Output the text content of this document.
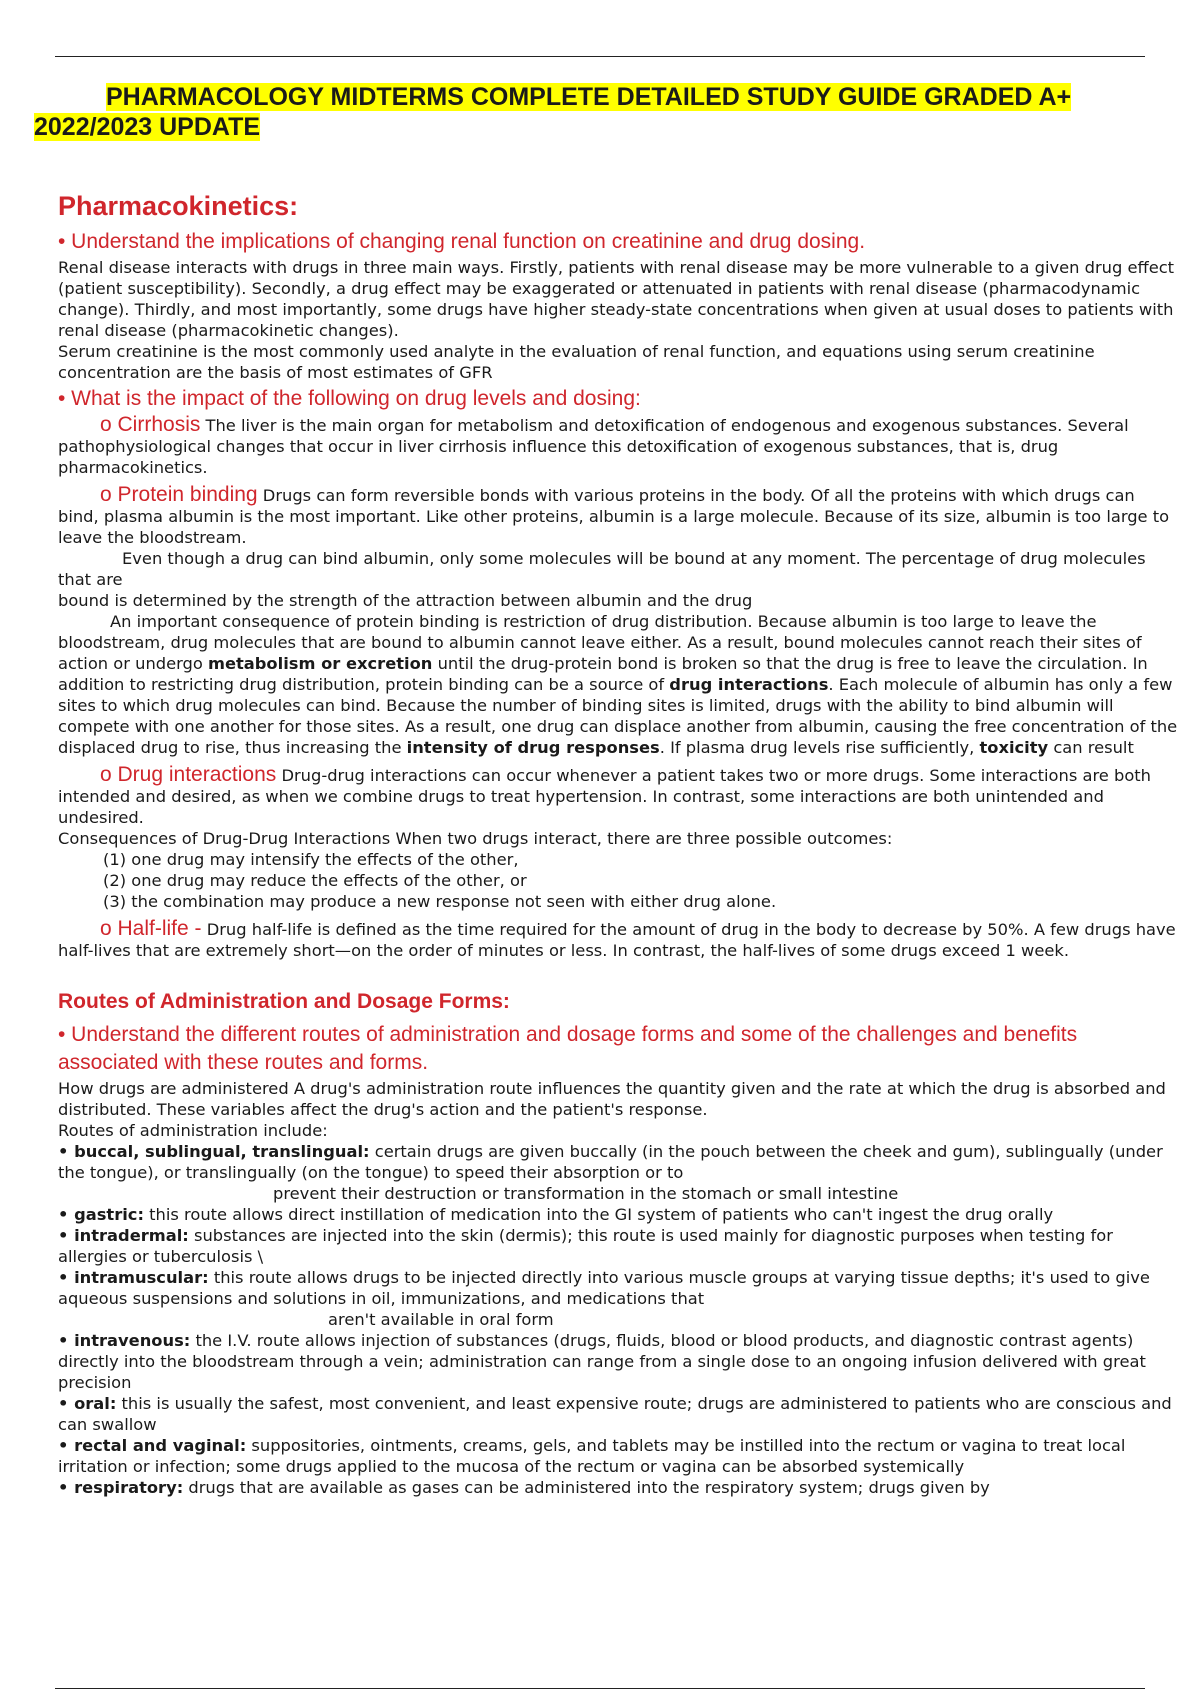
PHARMACOLOGY MIDTERMS COMPLETE DETAILED STUDY GUIDE GRADED A+
2022/2023 UPDATE
Pharmacokinetics:
• Understand the implications of changing renal function on creatinine and drug dosing.

Renal disease interacts with drugs in three main ways. Firstly, patients with renal disease may be more vulnerable to a given drug effect (patient susceptibility). Secondly, a drug effect may be exaggerated or attenuated in patients with renal disease (pharmacodynamic change). Thirdly, and most importantly, some drugs have higher steady-state concentrations when given at usual doses to patients with renal disease (pharmacokinetic changes).

Serum creatinine is the most commonly used analyte in the evaluation of renal function, and equations using serum creatinine concentration are the basis of most estimates of GFR

• What is the impact of the following on drug levels and dosing:

o Cirrhosis The liver is the main organ for metabolism and detoxification of endogenous and exogenous substances. Several pathophysiological changes that occur in liver cirrhosis influence this detoxification of exogenous substances, that is, drug pharmacokinetics.

o Protein binding Drugs can form reversible bonds with various proteins in the body. Of all the proteins with which drugs can bind, plasma albumin is the most important. Like other proteins, albumin is a large molecule. Because of its size, albumin is too large to leave the bloodstream.

Even though a drug can bind albumin, only some molecules will be bound at any moment. The percentage of drug molecules that are

bound is determined by the strength of the attraction between albumin and the drug

An important consequence of protein binding is restriction of drug distribution. Because albumin is too large to leave the bloodstream, drug molecules that are bound to albumin cannot leave either. As a result, bound molecules cannot reach their sites of action or undergo metabolism or excretion until the drug-protein bond is broken so that the drug is free to leave the circulation. In addition to restricting drug distribution, protein binding can be a source of drug interactions. Each molecule of albumin has only a few sites to which drug molecules can bind. Because the number of binding sites is limited, drugs with the ability to bind albumin will compete with one another for those sites. As a result, one drug can displace another from albumin, causing the free concentration of the displaced drug to rise, thus increasing the intensity of drug responses. If plasma drug levels rise sufficiently, toxicity can result

o Drug interactions Drug-drug interactions can occur whenever a patient takes two or more drugs. Some interactions are both intended and desired, as when we combine drugs to treat hypertension. In contrast, some interactions are both unintended and undesired.

Consequences of Drug-Drug Interactions When two drugs interact, there are three possible outcomes:

(1) one drug may intensify the effects of the other,

(2) one drug may reduce the effects of the other, or

(3) the combination may produce a new response not seen with either drug alone.

o Half-life - Drug half-life is defined as the time required for the amount of drug in the body to decrease by 50%. A few drugs have half-lives that are extremely short—on the order of minutes or less. In contrast, the half-lives of some drugs exceed 1 week.

Routes of Administration and Dosage Forms:
• Understand the different routes of administration and dosage forms and some of the challenges and benefits associated with these routes and forms.

How drugs are administered A drug's administration route influences the quantity given and the rate at which the drug is absorbed and distributed. These variables affect the drug's action and the patient's response.

Routes of administration include:

• buccal, sublingual, translingual: certain drugs are given buccally (in the pouch between the cheek and gum), sublingually (under the tongue), or translingually (on the tongue) to speed their absorption or to

prevent their destruction or transformation in the stomach or small intestine

• gastric: this route allows direct instillation of medication into the GI system of patients who can't ingest the drug orally

• intradermal: substances are injected into the skin (dermis); this route is used mainly for diagnostic purposes when testing for allergies or tuberculosis \

• intramuscular: this route allows drugs to be injected directly into various muscle groups at varying tissue depths; it's used to give aqueous suspensions and solutions in oil, immunizations, and medications that

aren't available in oral form

• intravenous: the I.V. route allows injection of substances (drugs, fluids, blood or blood products, and diagnostic contrast agents) directly into the bloodstream through a vein; administration can range from a single dose to an ongoing infusion delivered with great precision

• oral: this is usually the safest, most convenient, and least expensive route; drugs are administered to patients who are conscious and can swallow

• rectal and vaginal: suppositories, ointments, creams, gels, and tablets may be instilled into the rectum or vagina to treat local irritation or infection; some drugs applied to the mucosa of the rectum or vagina can be absorbed systemically

• respiratory: drugs that are available as gases can be administered into the respiratory system; drugs given by
